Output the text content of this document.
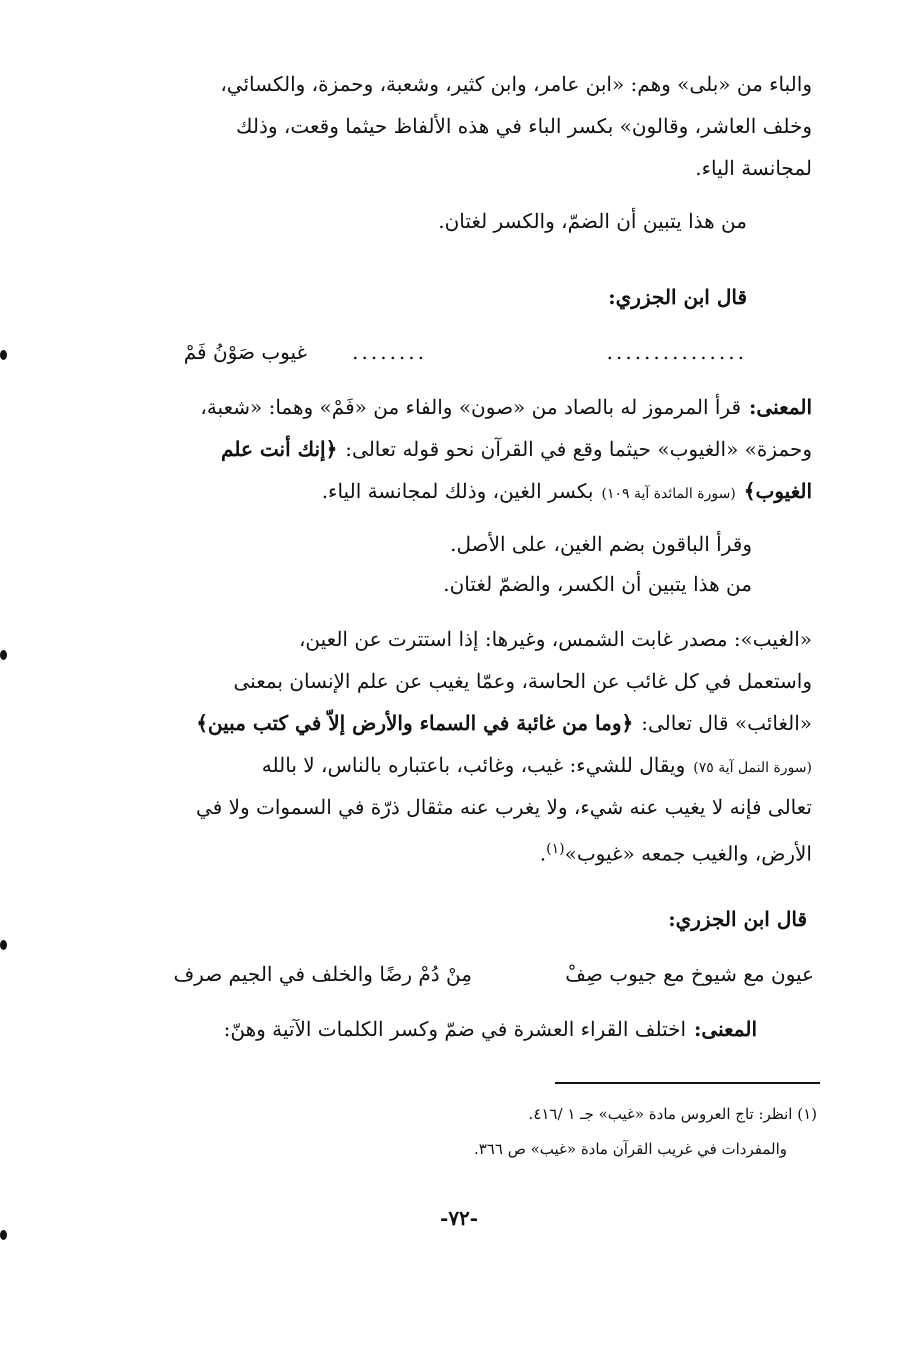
والباء من «بلى» وهم: «ابن عامر، وابن كثير، وشعبة، وحمزة، والكسائي،
وخلف العاشر، وقالون» بكسر الباء في هذه الألفاظ حيثما وقعت، وذلك
لمجانسة الياء.
من هذا يتبين أن الضمّ، والكسر لغتان.
قال ابن الجزري:
...............
........
غيوب صَوْنُ فَمْ
المعنى:قرأ المرموز له بالصاد من «صون» والفاء من «فَمْ» وهما: «شعبة،
وحمزة» «الغيوب» حيثما وقع في القرآن نحو قوله تعالى:﴿إنك أنت علم
الغيوب﴾(سورة المائدة آية ١٠٩)بكسر الغين، وذلك لمجانسة الياء.
وقرأ الباقون بضم الغين، على الأصل.
من هذا يتبين أن الكسر، والضمّ لغتان.
«الغيب»: مصدر غابت الشمس، وغيرها: إذا استترت عن العين،
واستعمل في كل غائب عن الحاسة، وعمّا يغيب عن علم الإنسان بمعنى
«الغائب» قال تعالى:﴿وما من غائبة في السماء والأرض إلاّ في كتب مبين﴾
(سورة النمل آية ٧٥)ويقال للشيء: غيب، وغائب، باعتباره بالناس، لا بالله
تعالى فإنه لا يغيب عنه شيء، ولا يغرب عنه مثقال ذرّة في السموات ولا في
الأرض، والغيب جمعه «غيوب»$^{(١)}$.
قال ابن الجزري:
عيون مع شيوخ مع جيوب صِفْ
مِنْ دُمْ رضًا والخلف في الجيم صرف
المعنى:اختلف القراء العشرة في ضمّ وكسر الكلمات الآتية وهنّ:
(١) انظر: تاج العروس مادة «غيب» جـ ١ /٤١٦.
والمفردات في غريب القرآن مادة «غيب» ص ٣٦٦.
-٧٢-
